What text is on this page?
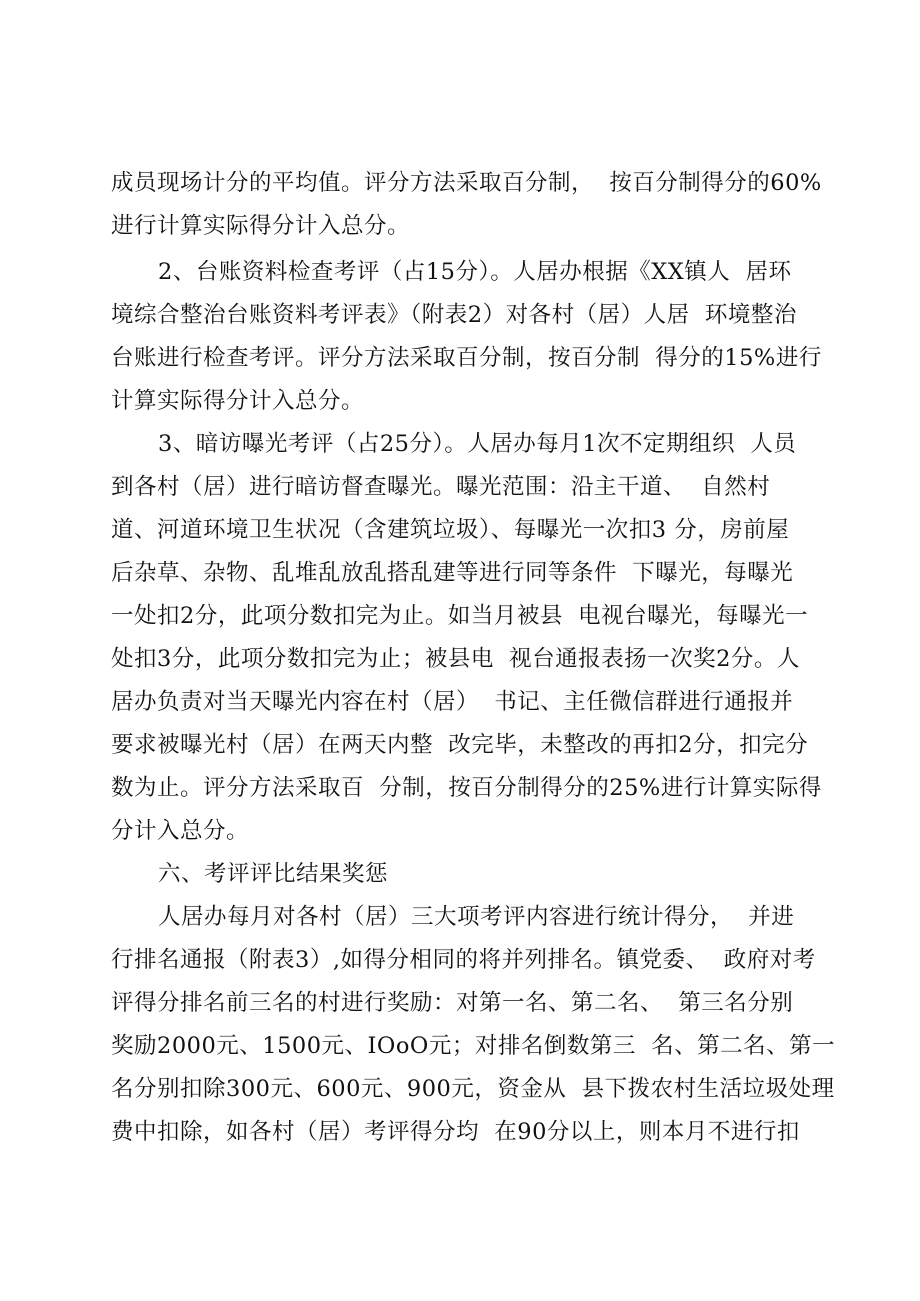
成员现场计分的平均值。评分方法采取百分制，  按百分制得分的60%
进行计算实际得分计入总分。
2、台账资料检查考评（占15分）。人居办根据《XX镇人  居环
境综合整治台账资料考评表》（附表2）对各村（居）人居  环境整治
台账进行检查考评。评分方法采取百分制，按百分制  得分的15%进行
计算实际得分计入总分。
3、暗访曝光考评（占25分）。人居办每月1次不定期组织  人员
到各村（居）进行暗访督查曝光。曝光范围：沿主干道、  自然村
道、河道环境卫生状况（含建筑垃圾）、每曝光一次扣3 分，房前屋
后杂草、杂物、乱堆乱放乱搭乱建等进行同等条件  下曝光，每曝光
一处扣2分，此项分数扣完为止。如当月被县  电视台曝光，每曝光一
处扣3分，此项分数扣完为止；被县电  视台通报表扬一次奖2分。人
居办负责对当天曝光内容在村（居）  书记、主任微信群进行通报并
要求被曝光村（居）在两天内整  改完毕，未整改的再扣2分，扣完分
数为止。评分方法采取百  分制，按百分制得分的25%进行计算实际得
分计入总分。
六、考评评比结果奖惩
人居办每月对各村（居）三大项考评内容进行统计得分，  并进
行排名通报（附表3）,如得分相同的将并列排名。镇党委、  政府对考
评得分排名前三名的村进行奖励：对第一名、第二名、  第三名分别
奖励2000元、1500元、IOoO元；对排名倒数第三  名、第二名、第一
名分别扣除300元、600元、900元，资金从  县下拨农村生活垃圾处理
费中扣除，如各村（居）考评得分均  在90分以上，则本月不进行扣
